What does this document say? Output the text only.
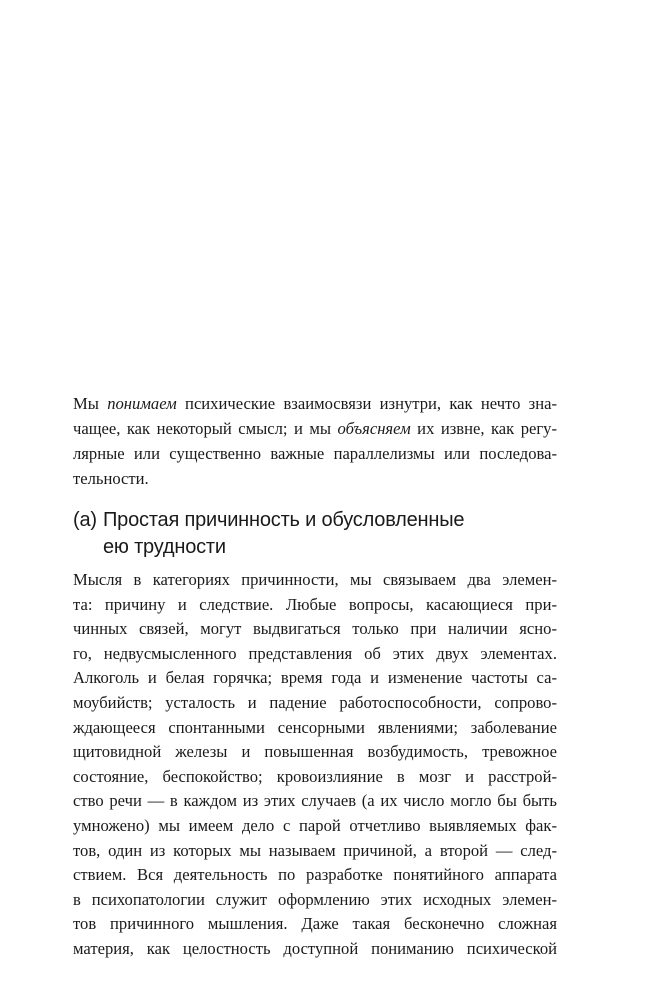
Мы понимаем психические взаимосвязи изнутри, как нечто зна-
чащее, как некоторый смысл; и мы объясняем их извне, как регу-
лярные или существенно важные параллелизмы или последова-
тельности.
(a) Простая причинность и обусловленные
ею трудности
Мысля в категориях причинности, мы связываем два элемен-
та: причину и следствие. Любые вопросы, касающиеся при-
чинных связей, могут выдвигаться только при наличии ясно-
го, недвусмысленного представления об этих двух элементах.
Алкоголь и белая горячка; время года и изменение частоты са-
моубийств; усталость и падение работоспособности, сопрово-
ждающееся спонтанными сенсорными явлениями; заболевание
щитовидной железы и повышенная возбудимость, тревожное
состояние, беспокойство; кровоизлияние в мозг и расстрой-
ство речи — в каждом из этих случаев (а их число могло бы быть
умножено) мы имеем дело с парой отчетливо выявляемых фак-
тов, один из которых мы называем причиной, а второй — след-
ствием. Вся деятельность по разработке понятийного аппарата
в психопатологии служит оформлению этих исходных элемен-
тов причинного мышления. Даже такая бесконечно сложная
материя, как целостность доступной пониманию психической
